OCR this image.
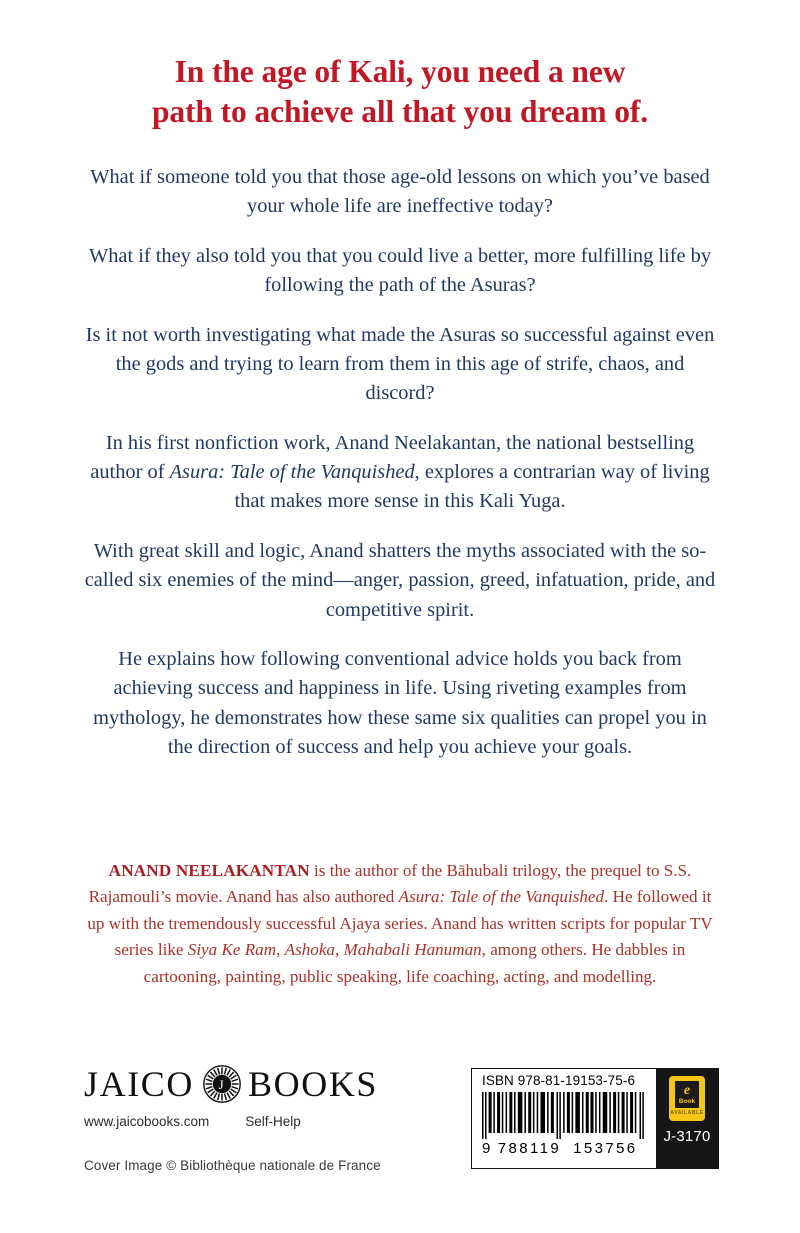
In the age of Kali, you need a new
path to achieve all that you dream of.

What if someone told you that those age-old lessons on which you’ve based your whole life are ineffective today?

What if they also told you that you could live a better, more fulfilling life by following the path of the Asuras?

Is it not worth investigating what made the Asuras so successful against even the gods and trying to learn from them in this age of strife, chaos, and discord?

In his first nonfiction work, Anand Neelakantan, the national bestselling author of Asura: Tale of the Vanquished, explores a contrarian way of living that makes more sense in this Kali Yuga.

With great skill and logic, Anand shatters the myths associated with the so-called six enemies of the mind—anger, passion, greed, infatuation, pride, and competitive spirit.

He explains how following conventional advice holds you back from achieving success and happiness in life. Using riveting examples from mythology, he demonstrates how these same six qualities can propel you in the direction of success and help you achieve your goals.

ANAND NEELAKANTAN is the author of the Bāhubali trilogy, the prequel to S.S. Rajamouli’s movie. Anand has also authored Asura: Tale of the Vanquished. He followed it up with the tremendously successful Ajaya series. Anand has written scripts for popular TV series like Siya Ke Ram, Ashoka, Mahabali Hanuman, among others. He dabbles in cartooning, painting, public speaking, life coaching, acting, and modelling.
JAICO J BOOKS
www.jaicobooks.com	Self-Help
Cover Image © Bibliothèque nationale de France
ISBN 978-81-19153-75-6
9 788119 153756
e
Book
AVAILABLE
J-3170
